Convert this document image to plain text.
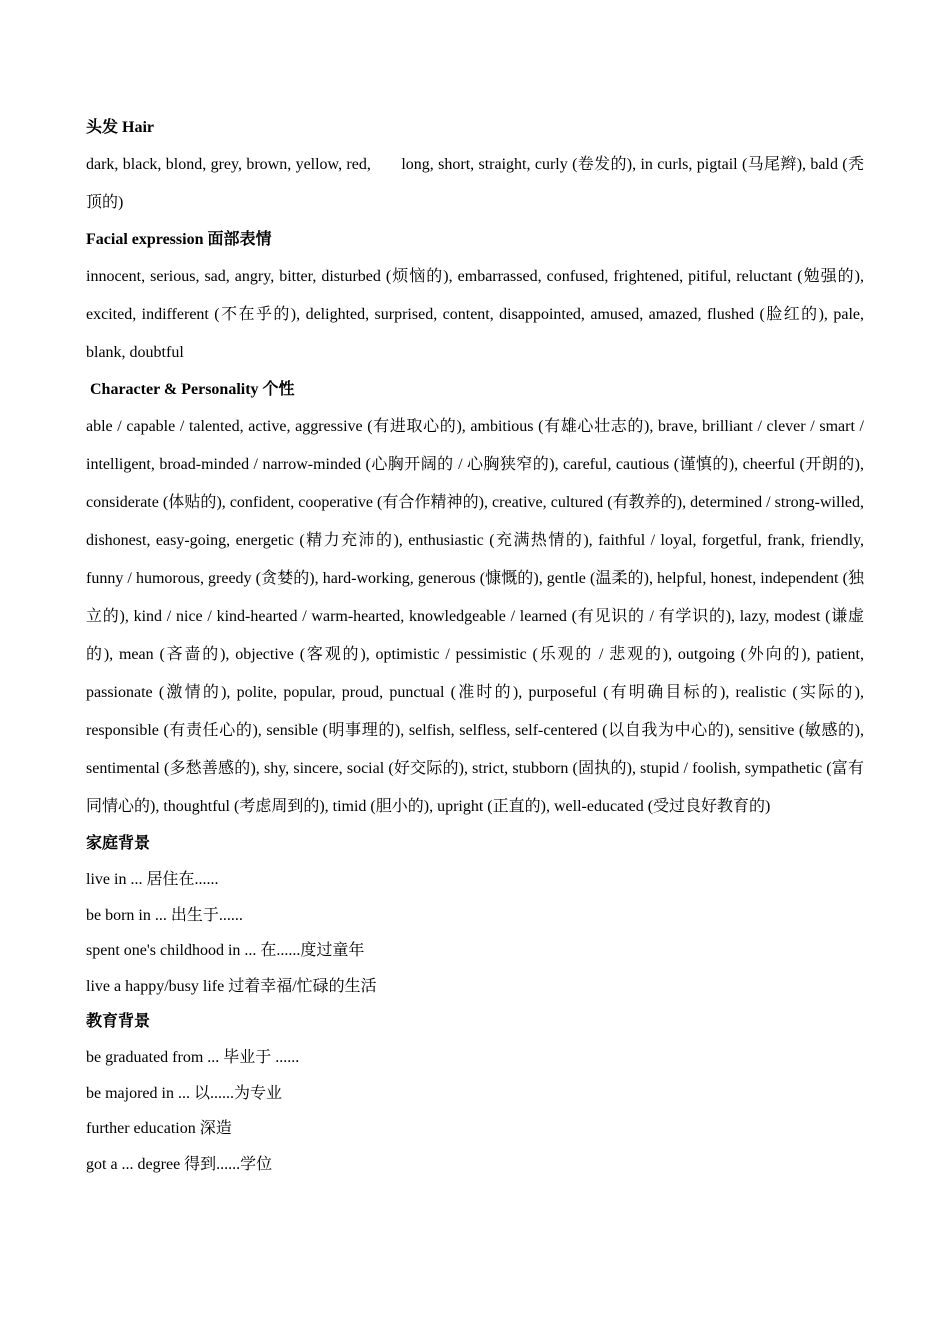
头发 Hair

dark, black, blond, grey, brown, yellow, red,       long, short, straight, curly (卷发的), in curls, pigtail (马尾辫), bald (秃顶的)

Facial expression 面部表情

innocent, serious, sad, angry, bitter, disturbed (烦恼的), embarrassed, confused, frightened, pitiful, reluctant (勉强的), excited, indifferent (不在乎的), delighted, surprised, content, disappointed, amused, amazed, flushed (脸红的), pale, blank, doubtful

Character & Personality 个性

able / capable / talented, active, aggressive (有进取心的), ambitious (有雄心壮志的), brave, brilliant / clever / smart / intelligent, broad-minded / narrow-minded (心胸开阔的 / 心胸狭窄的), careful, cautious (谨慎的), cheerful (开朗的), considerate (体贴的), confident, cooperative (有合作精神的), creative, cultured (有教养的), determined / strong-willed, dishonest, easy-going, energetic (精力充沛的), enthusiastic (充满热情的), faithful / loyal, forgetful, frank, friendly, funny / humorous, greedy (贪婪的), hard-working, generous (慷慨的), gentle (温柔的), helpful, honest, independent (独立的), kind / nice / kind-hearted / warm-hearted, knowledgeable / learned (有见识的 / 有学识的), lazy, modest (谦虚的), mean (吝啬的), objective (客观的), optimistic / pessimistic (乐观的 / 悲观的), outgoing (外向的), patient, passionate (激情的), polite, popular, proud, punctual (准时的), purposeful (有明确目标的), realistic (实际的), responsible (有责任心的), sensible (明事理的), selfish, selfless, self-centered (以自我为中心的), sensitive (敏感的), sentimental (多愁善感的), shy, sincere, social (好交际的), strict, stubborn (固执的), stupid / foolish, sympathetic (富有同情心的), thoughtful (考虑周到的), timid (胆小的), upright (正直的), well-educated (受过良好教育的)

家庭背景

live in ... 居住在......

be born in ... 出生于......

spent one's childhood in ... 在......度过童年

live a happy/busy life 过着幸福/忙碌的生活

教育背景

be graduated from ... 毕业于 ......

be majored in ... 以......为专业

further education 深造

got a ... degree 得到......学位
